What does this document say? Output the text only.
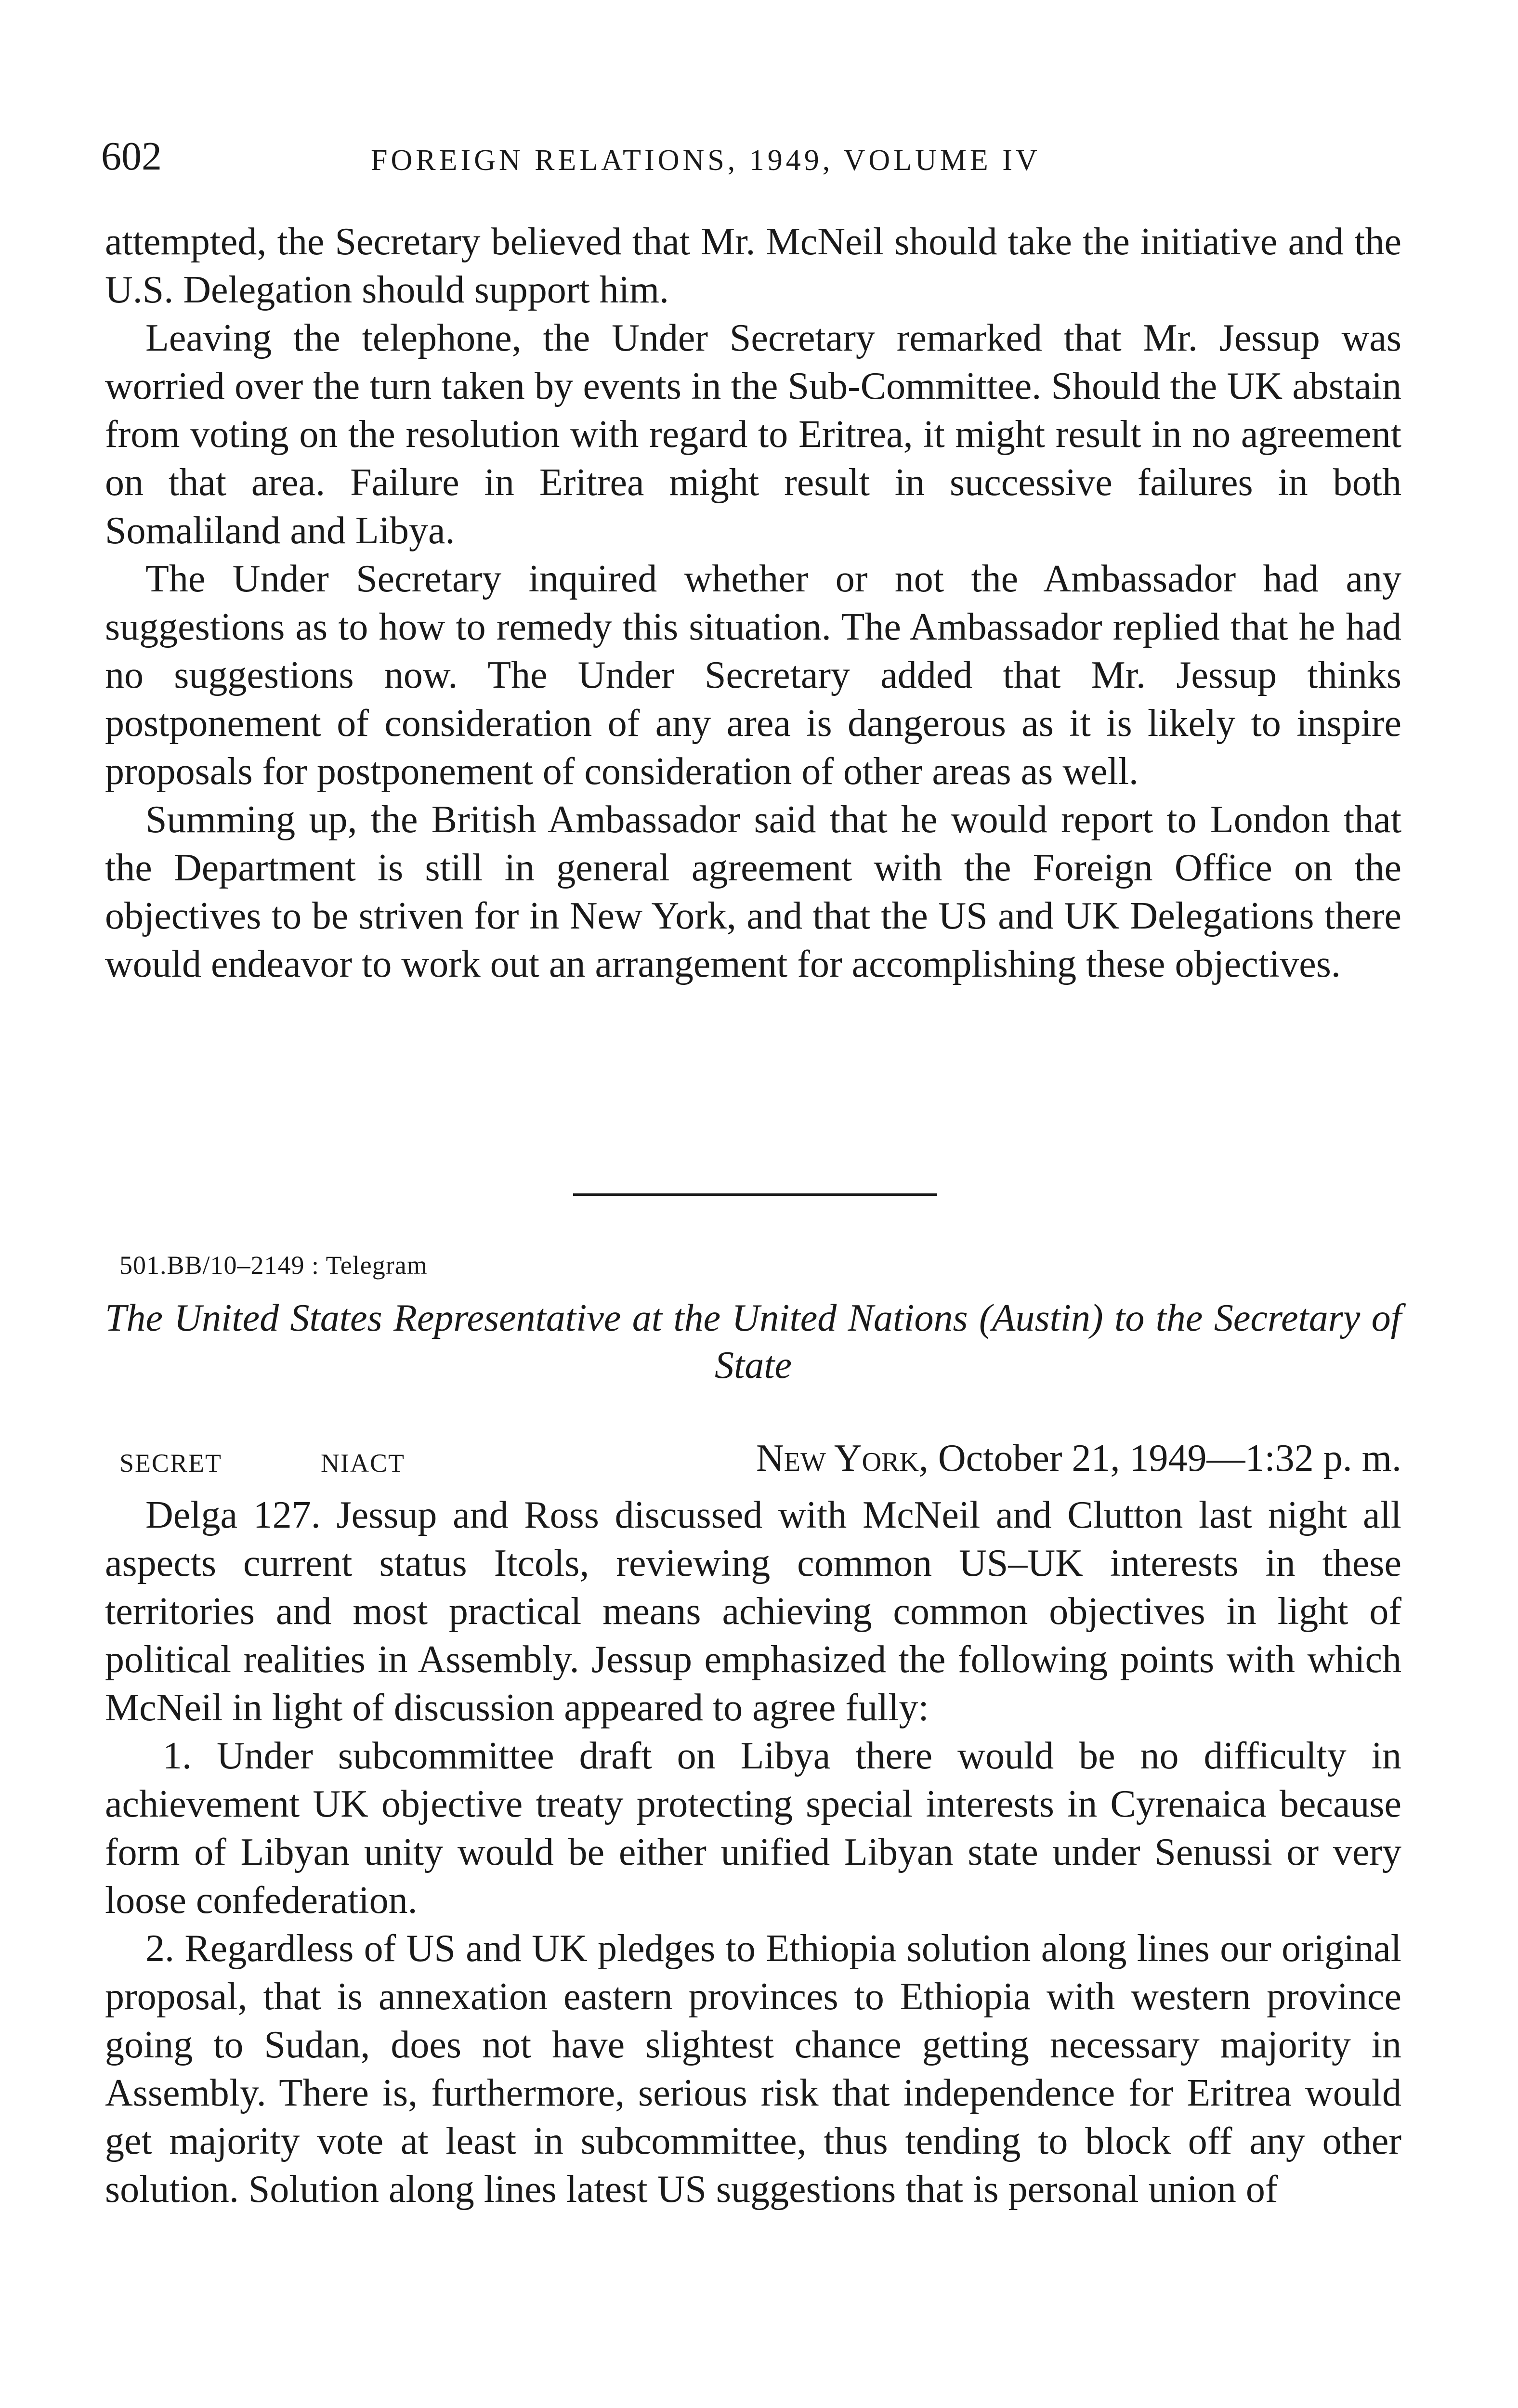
602	FOREIGN RELATIONS, 1949, VOLUME IV

attempted, the Secretary believed that Mr. McNeil should take the initiative and the U.S. Delegation should support him.

Leaving the telephone, the Under Secretary remarked that Mr. Jessup was worried over the turn taken by events in the Sub-Committee. Should the UK abstain from voting on the resolution with regard to Eritrea, it might result in no agreement on that area. Failure in Eritrea might result in successive failures in both Somaliland and Libya.

The Under Secretary inquired whether or not the Ambassador had any suggestions as to how to remedy this situation. The Ambassador replied that he had no suggestions now. The Under Secretary added that Mr. Jessup thinks postponement of consideration of any area is dangerous as it is likely to inspire proposals for postponement of consideration of other areas as well.

Summing up, the British Ambassador said that he would report to London that the Department is still in general agreement with the Foreign Office on the objectives to be striven for in New York, and that the US and UK Delegations there would endeavor to work out an arrangement for accomplishing these objectives.

501.BB/10–2149 : Telegram
The United States Representative at the United Nations (Austin) to the Secretary of State
SECRET	NIACT	New York, October 21, 1949—1:32 p. m.

Delga 127. Jessup and Ross discussed with McNeil and Clutton last night all aspects current status Itcols, reviewing common US–UK interests in these territories and most practical means achieving common objectives in light of political realities in Assembly. Jessup emphasized the following points with which McNeil in light of discussion appeared to agree fully:

1. Under subcommittee draft on Libya there would be no difficulty in achievement UK objective treaty protecting special interests in Cyrenaica because form of Libyan unity would be either unified Libyan state under Senussi or very loose confederation.

2. Regardless of US and UK pledges to Ethiopia solution along lines our original proposal, that is annexation eastern provinces to Ethiopia with western province going to Sudan, does not have slightest chance getting necessary majority in Assembly. There is, furthermore, serious risk that independence for Eritrea would get majority vote at least in subcommittee, thus tending to block off any other solution. Solution along lines latest US suggestions that is personal union of
